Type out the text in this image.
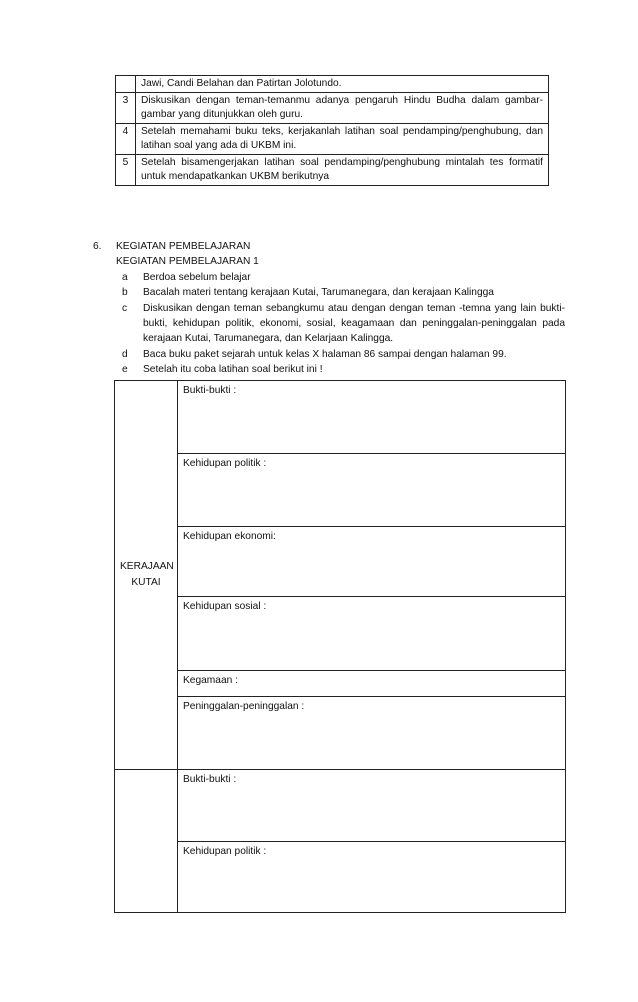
	Jawi, Candi Belahan dan Patirtan Jolotundo.
3	Diskusikan dengan teman-temanmu adanya pengaruh Hindu Budha dalam gambar-gambar yang ditunjukkan oleh guru.
4	Setelah memahami buku teks, kerjakanlah latihan soal pendamping/penghubung, dan latihan soal yang ada di UKBM ini.
5	Setelah bisamengerjakan latihan soal pendamping/penghubung mintalah tes formatif untuk mendapatkankan UKBM berikutnya
6.	KEGIATAN PEMBELAJARAN
KEGIATAN PEMBELAJARAN 1
a	Berdoa sebelum belajar
b	Bacalah materi tentang kerajaan Kutai, Tarumanegara, dan kerajaan Kalingga
c	Diskusikan dengan teman sebangkumu atau dengan dengan teman -temna yang lain bukti-bukti, kehidupan politik, ekonomi, sosial, keagamaan dan peninggalan-peninggalan pada kerajaan Kutai, Tarumanegara, dan Kelarjaan Kalingga.
d	Baca buku paket sejarah untuk kelas X halaman 86 sampai dengan halaman 99.
e	Setelah itu coba latihan soal berikut ini !
KERAJAAN
KUTAI	Bukti-bukti :
	Kehidupan politik :
	Kehidupan ekonomi:
	Kehidupan sosial :
	Kegamaan :
	Peninggalan-peninggalan :

	Bukti-bukti :
	Kehidupan politik :
